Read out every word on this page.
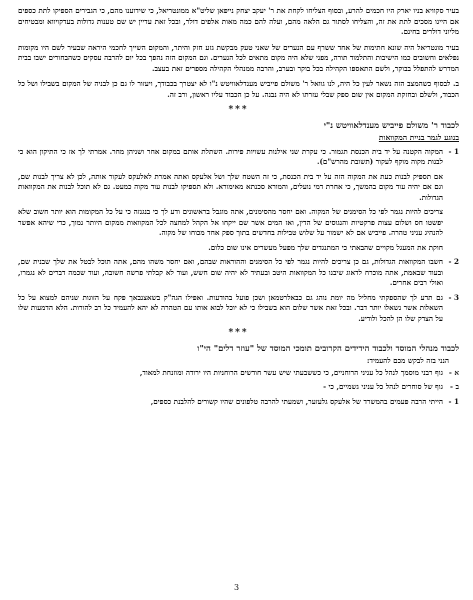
בעיר סקוויא בניו יארק היו חכמים להרע, ובסוף הצליחו לקחת את ר' יעקב יצחק נייפאן שליט"א ממונטריאל, כי שידוענו מהם, כי הגבירים הספיקו לתת כספים אם היינו מסכים לתת את זה, והצליחו לסתור גם הלאה מהם, ועלה להם כמה מאות אלפים דולר, ובכל זאת עדיין יש שם טענות גדולות בעדקויווא ומבטיחים מליוני דולרים בחינם.

בעיר מונטריאל היה שונא חתימות של אחד ששרף עם הנערים של שאני טעק מבקשת גזע חזק והיתר, והמקום השייך לחכמי היראה שבעיר לשם היו מקומות נפלאים וחשובים כמו הישיבות והתלמוד תורה, מפני שלא היה מקום מתאים לכל הנערים. וגם המקום הזה נהפך בכל יום להרבה עסקים כשהבחורים ישבו בבית המדרש להתפלל בבוקר, ולשם התאספו הקהילה בכל בוקר ובערב, והרבה ממנהלי הקהילה מספרים זאת בעצב.

ב. לבסוף כשהמצב הזה נשאר לעין כל היה, לנו גוואל ר' משולם פייביש מענדלאוויטש נ"ו לא יצטרך בכבודך, ויעזור לו גם כן לבניה של המקום בשבילו ושל כל הכבוד, ולשלם ובחזקת המקום אין שום ספק שבלי עזרתו לא היה נבנה. על כן הכבוד עליו ראשון, ורב זה.

***
לכבוד ר' משולם פייביש מענדלאוויטש נ"י
בנוגע לגמר בניית המקוואות
1 -
המקוה הקטנה על יד בית הכנסת תגמור. כי עקרת שני אילנות עשויות פירות. השתלת אותם במקום אחר ושניהן מחר. אמרתי לך אז כי התיקון הוא כי לבנות מקוה מוקף לעקור (תשובת מהרש"ם).
אם תספיק לבנות כעת את המקוה הזה על יד בית הכנסת, כי זה השטח שלך ושל אלעקס ואתה אמרת לאלעקס לעקור אותה, לכן לא צריך לבנות שם, וגם אם יהיה עוד מקום בהמשך, כי אחרת דמי נועלים, והמורא סכנתא מאימורא. ולא תספיקו לבנות עוד מקוה כמעט. גם לא תוכל לבנות את המקוואות הגדולות.
צריכים להיות נגמר לפי כל הסימנים של המקוה. ואם יחסר מהסימנים, אתה מוגבל בראשונים ודע לך כי בנגנזה כי על כל המקומות הוא יותר חשוב שלא יפשטו חס ושלום עצות פרקטיות והנגוסים של הדין, ואז המים אשר שם ייקחו אל הקהל למחצה לכל המקוואות ממקום היותר נמוך, כדי שיהא אפשר להנהיג עניני טהרה. פייביש אם לא ישמור על שלוש טבילות בחדשים בתוך ספק אחד מכוחו של מקוה.
חוקת את המעגל מקויים שהבאתי כי המתנגדים שלך מפעל מעשרים אינו שום כלום.
2 -
חשבו המקוואות הגדולות, גם כן צריכים להיות נגמר לפי כל הסימנים וההוראות שבהם, ואם יחסר משהו מהם, אתה תוכל לבטל את שלך שבנית שם, ובעוד שבאמת, אתה מוכרח לדאוג שיבנו כל המקוואות היטב ובעתיד לא יהיה שום חשש, ועוד לא קבלתי פרשה חשובה, ועוד שכמה דברים לא נגמרו, ואולי רבים אחרים.
3 -
גם תדע לך שהספקתי מחליל מה יומת נוהג גם כבאלרטמאן ושכן פועל בהודעות. ואפילו הגה"ק בשאצנבאך פקח על הזוגות שניהם למצוא על כל השאלות אשר נשאלו יותר דבר. ובכל זאת אשר שלום הוא בשבילו כי לא יוכל לבוא אותו עם הטהרה לא יהא להעמיד כל רב להורות. הלא הדמעות שלו על הצדק שלו הן להכל ולודיע.
***
לכבוד מנהלי המוסד ולכבוד הידידים הקרובים תומכי המוסד של "עוזר דלים" הי"ו
הנני בזה לבקש מכם להעמיד:
א -
גוף רבני מוסמך לנהל כל עניני הרוחניים, כי כששבעתי שיש עשר חודשים הרוחניות היו ירודה ומוזנחת למאוד,
ב -
גוף של סוחרים לנהל כל עניני גשמיים, כי -
1 -
הייתי הרבה פעמים בהמשרד של אלעקס גלעזער, ושמעתי להרבה טלפונים שהיו קשורים להלבנת כספים,
3
